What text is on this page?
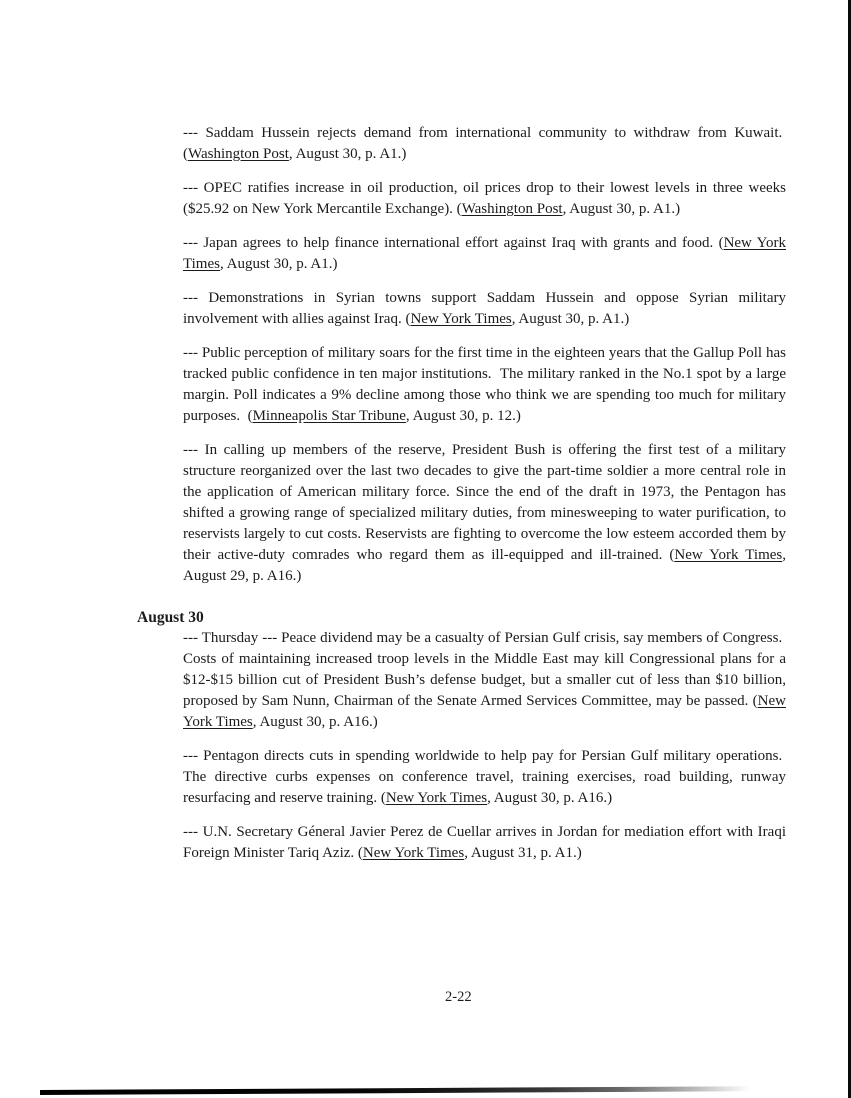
--- Saddam Hussein rejects demand from international community to withdraw from Kuwait.  (Washington Post, August 30, p. A1.)

--- OPEC ratifies increase in oil production, oil prices drop to their lowest levels in three weeks ($25.92 on New York Mercantile Exchange). (Washington Post, August 30, p. A1.)

--- Japan agrees to help finance international effort against Iraq with grants and food. (New York Times, August 30, p. A1.)

--- Demonstrations in Syrian towns support Saddam Hussein and oppose Syrian military involvement with allies against Iraq. (New York Times, August 30, p. A1.)

--- Public perception of military soars for the first time in the eighteen years that the Gallup Poll has tracked public confidence in ten major institutions.  The military ranked in the No.1 spot by a large margin. Poll indicates a 9% decline among those who think we are spending too much for military purposes.  (Minneapolis Star Tribune, August 30, p. 12.)

--- In calling up members of the reserve, President Bush is offering the first test of a military structure reorganized over the last two decades to give the part-time soldier a more central role in the application of American military force. Since the end of the draft in 1973, the Pentagon has shifted a growing range of specialized military duties, from minesweeping to water purification, to reservists largely to cut costs. Reservists are fighting to overcome the low esteem accorded them by their active-duty comrades who regard them as ill-equipped and ill-trained. (New York Times, August 29, p. A16.)

August 30

--- Thursday --- Peace dividend may be a casualty of Persian Gulf crisis, say members of Congress.  Costs of maintaining increased troop levels in the Middle East may kill Congressional plans for a $12-$15 billion cut of President Bush’s defense budget, but a smaller cut of less than $10 billion, proposed by Sam Nunn, Chairman of the Senate Armed Services Committee, may be passed. (New York Times, August 30, p. A16.)

--- Pentagon directs cuts in spending worldwide to help pay for Persian Gulf military operations.  The directive curbs expenses on conference travel, training exercises, road building, runway resurfacing and reserve training. (New York Times, August 30, p. A16.)

--- U.N. Secretary Géneral Javier Perez de Cuellar arrives in Jordan for mediation effort with Iraqi Foreign Minister Tariq Aziz. (New York Times, August 31, p. A1.)

2-22
